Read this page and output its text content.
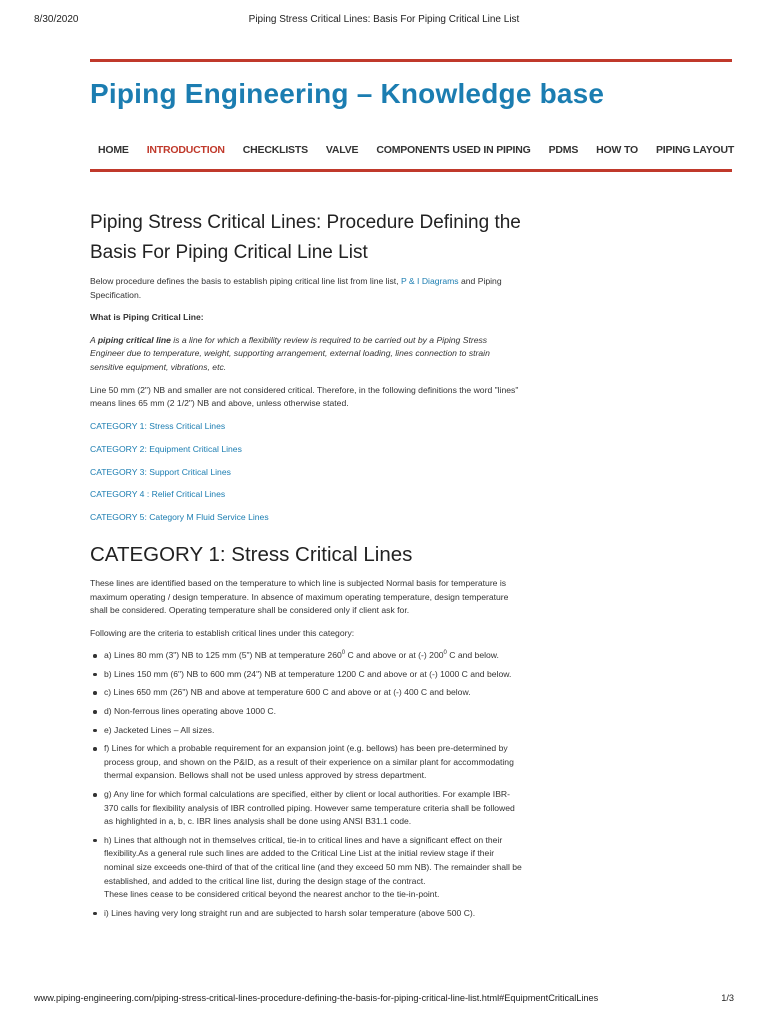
8/30/2020	Piping Stress Critical Lines: Basis For Piping Critical Line List
Piping Engineering – Knowledge base
HOME	INTRODUCTION	CHECKLISTS	VALVE	COMPONENTS USED IN PIPING	PDMS	HOW TO	PIPING LAYOUT
Piping Stress Critical Lines: Procedure Defining the Basis For Piping Critical Line List

Below procedure defines the basis to establish piping critical line list from line list, P & I Diagrams and Piping Specification.

What is Piping Critical Line:

A piping critical line is a line for which a flexibility review is required to be carried out by a Piping Stress Engineer due to temperature, weight, supporting arrangement, external loading, lines connection to strain sensitive equipment, vibrations, etc.

Line 50 mm (2") NB and smaller are not considered critical. Therefore, in the following definitions the word "lines" means lines 65 mm (2 1/2") NB and above, unless otherwise stated.

CATEGORY 1: Stress Critical Lines
CATEGORY 2: Equipment Critical Lines
CATEGORY 3: Support Critical Lines
CATEGORY 4 : Relief Critical Lines
CATEGORY 5: Category M Fluid Service Lines
CATEGORY 1: Stress Critical Lines

These lines are identified based on the temperature to which line is subjected Normal basis for temperature is maximum operating / design temperature. In absence of maximum operating temperature, design temperature shall be considered. Operating temperature shall be considered only if client ask for.

Following are the criteria to establish critical lines under this category:

a) Lines 80 mm (3") NB to 125 mm (5") NB at temperature $260^0$ C and above or at (-) $200^0$ C and below.
b) Lines 150 mm (6") NB to 600 mm (24") NB at temperature 1200 C and above or at (-) 1000 C and below.
c) Lines 650 mm (26") NB and above at temperature 600 C and above or at (-) 400 C and below.
d) Non-ferrous lines operating above 1000 C.
e) Jacketed Lines – All sizes.
f) Lines for which a probable requirement for an expansion joint (e.g. bellows) has been pre-determined by process group, and shown on the P&ID, as a result of their experience on a similar plant for accommodating thermal expansion. Bellows shall not be used unless approved by stress department.
g) Any line for which formal calculations are specified, either by client or local authorities. For example IBR-370 calls for flexibility analysis of IBR controlled piping. However same temperature criteria shall be followed as highlighted in a, b, c. IBR lines analysis shall be done using ANSI B31.1 code.
h) Lines that although not in themselves critical, tie-in to critical lines and have a significant effect on their flexibility.As a general rule such lines are added to the Critical Line List at the initial review stage if their nominal size exceeds one-third of that of the critical line (and they exceed 50 mm NB). The remainder shall be established, and added to the critical line list, during the design stage of the contract.
These lines cease to be considered critical beyond the nearest anchor to the tie-in-point.
i) Lines having very long straight run and are subjected to harsh solar temperature (above 500 C).
www.piping-engineering.com/piping-stress-critical-lines-procedure-defining-the-basis-for-piping-critical-line-list.html#EquipmentCriticalLines	1/3
